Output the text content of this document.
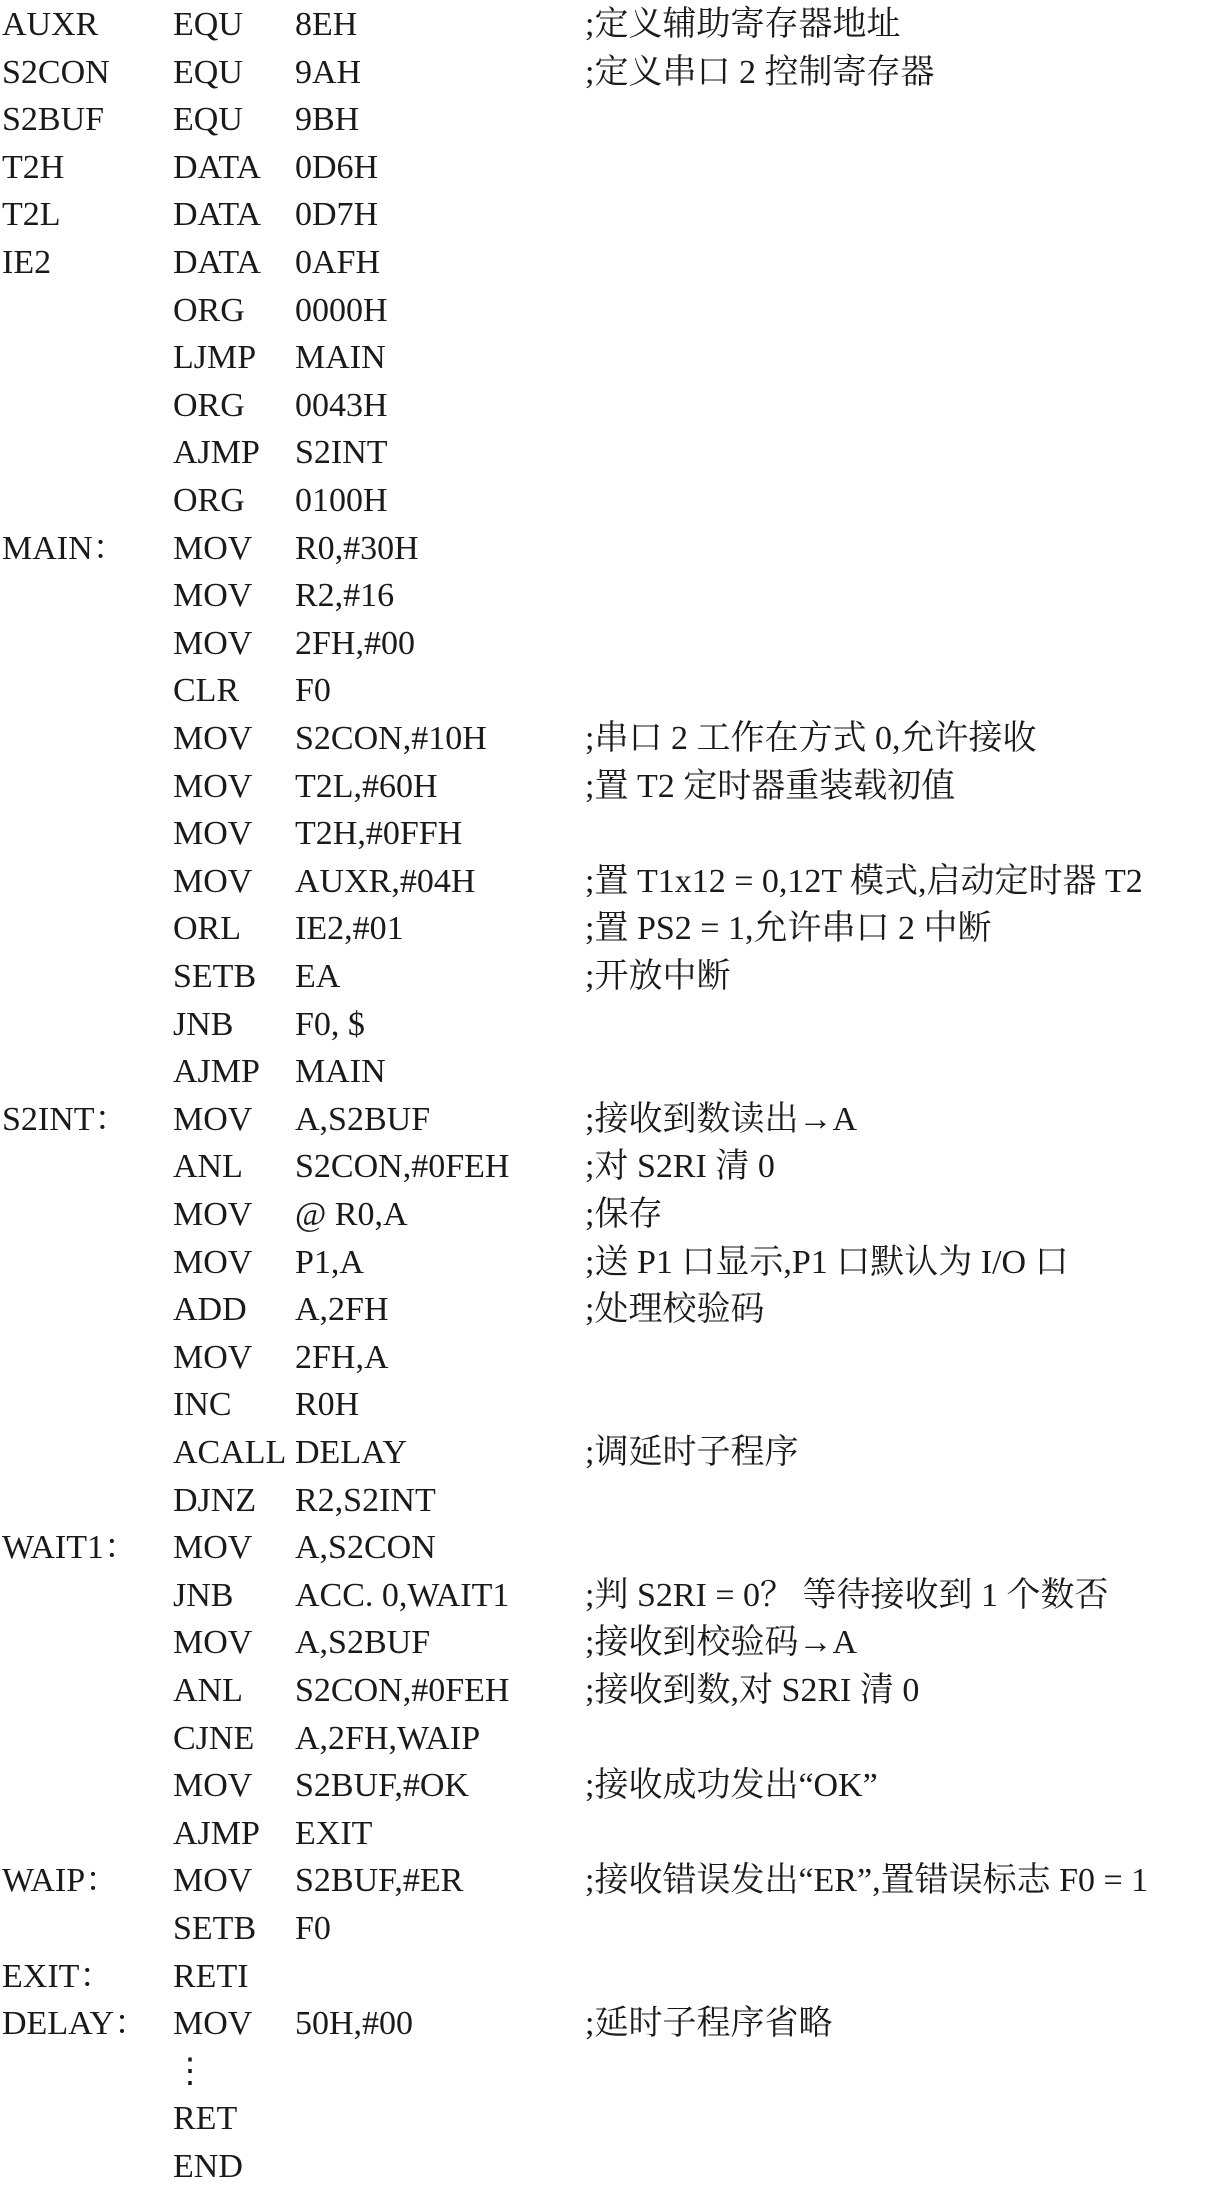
AUXR EQU 8EH	;定义辅助寄存器地址
S2CON EQU 9AH	;定义串口 2 控制寄存器
S2BUF EQU 9BH
T2H	DATA 0D6H
T2L	DATA 0D7H
IE2	DATA 0AFH
ORG 0000H
LJMP MAIN
ORG 0043H
AJMP S2INT
ORG 0100H
MAIN： MOV R0,#30H
MOV R2,#16
MOV 2FH,#00
CLR F0
MOV S2CON,#10H	;串口 2 工作在方式 0,允许接收
MOV T2L,#60H	;置 T2 定时器重装载初值
MOV T2H,#0FFH
MOV AUXR,#04H	;置 T1x12 = 0,12T 模式,启动定时器 T2
ORL IE2,#01	;置 PS2 = 1,允许串口 2 中断
SETB EA	;开放中断
JNB F0, $
AJMP MAIN
S2INT： MOV A,S2BUF	;接收到数读出→A
ANL S2CON,#0FEH ;对 S2RI 清 0
MOV @ R0,A	;保存
MOV P1,A	;送 P1 口显示,P1 口默认为 I/O 口
ADD A,2FH	;处理校验码
MOV 2FH,A
INC R0H
ACALL DELAY	;调延时子程序
DJNZ R2,S2INT
WAIT1： MOV A,S2CON
JNB ACC. 0,WAIT1 ;判 S2RI = 0？ 等待接收到 1 个数否
MOV A,S2BUF	;接收到校验码→A
ANL S2CON,#0FEH ;接收到数,对 S2RI 清 0
CJNE A,2FH,WAIP
MOV S2BUF,#OK	;接收成功发出“OK”
AJMP EXIT
WAIP： MOV S2BUF,#ER	;接收错误发出“ER”,置错误标志 F0 = 1
SETB F0
EXIT： RETI
DELAY： MOV 50H,#00	;延时子程序省略
⋮
RET
END
